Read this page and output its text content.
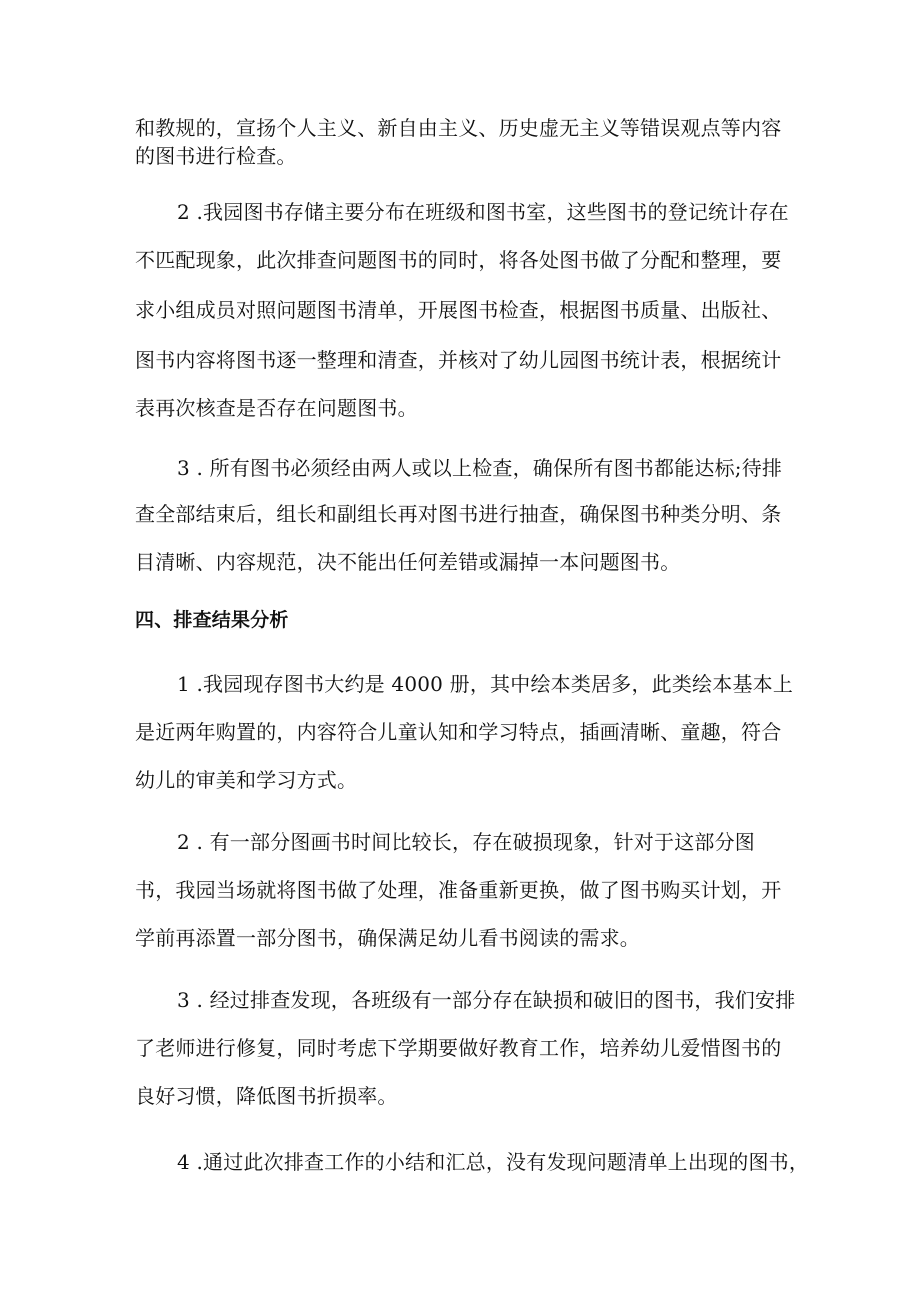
和教规的，宣扬个人主义、新自由主义、历史虚无主义等错误观点等内容
的图书进行检查。
2 .我园图书存储主要分布在班级和图书室，这些图书的登记统计存在
不匹配现象，此次排查问题图书的同时，将各处图书做了分配和整理，要
求小组成员对照问题图书清单，开展图书检查，根据图书质量、出版社、
图书内容将图书逐一整理和清查，并核对了幼儿园图书统计表，根据统计
表再次核查是否存在问题图书。
3 . 所有图书必须经由两人或以上检查，确保所有图书都能达标;待排
查全部结束后，组长和副组长再对图书进行抽查，确保图书种类分明、条
目清晰、内容规范，决不能出任何差错或漏掉一本问题图书。
四、排查结果分析
1 .我园现存图书大约是 4000 册，其中绘本类居多，此类绘本基本上
是近两年购置的，内容符合儿童认知和学习特点，插画清晰、童趣，符合
幼儿的审美和学习方式。
2 . 有一部分图画书时间比较长，存在破损现象，针对于这部分图
书，我园当场就将图书做了处理，准备重新更换，做了图书购买计划，开
学前再添置一部分图书，确保满足幼儿看书阅读的需求。
3 . 经过排查发现，各班级有一部分存在缺损和破旧的图书，我们安排
了老师进行修复，同时考虑下学期要做好教育工作，培养幼儿爱惜图书的
良好习惯，降低图书折损率。
4 .通过此次排查工作的小结和汇总，没有发现问题清单上出现的图书，
